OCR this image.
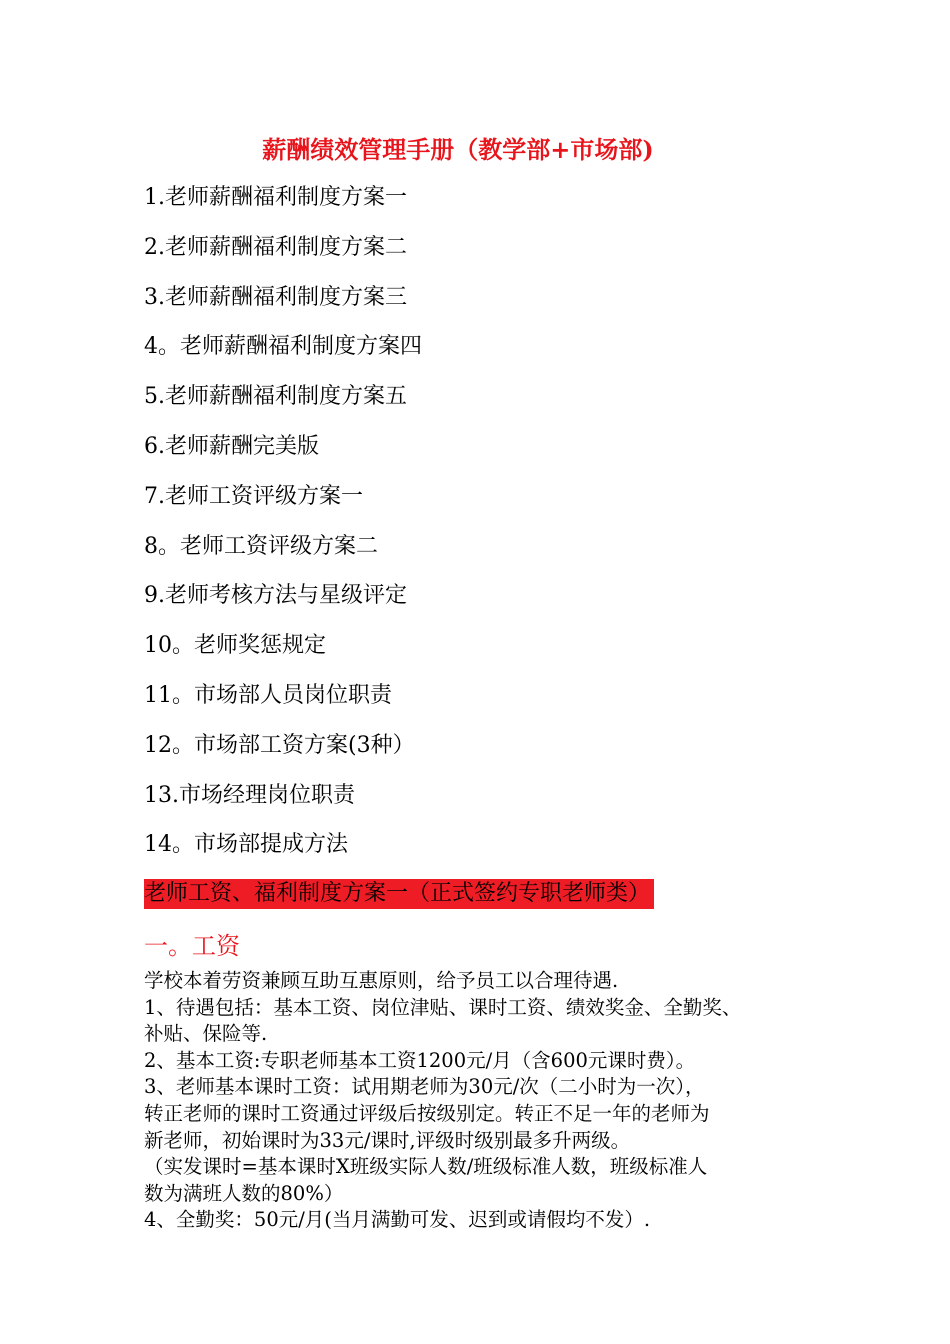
薪酬绩效管理手册（教学部+市场部)
1.老师薪酬福利制度方案一
2.老师薪酬福利制度方案二
3.老师薪酬福利制度方案三
4。老师薪酬福利制度方案四
5.老师薪酬福利制度方案五
6.老师薪酬完美版
7.老师工资评级方案一
8。老师工资评级方案二
9.老师考核方法与星级评定
10。老师奖惩规定
11。市场部人员岗位职责
12。市场部工资方案(3种）
13.市场经理岗位职责
14。市场部提成方法
老师工资、福利制度方案一（正式签约专职老师类）
一。工资
学校本着劳资兼顾互助互惠原则，给予员工以合理待遇.
1、待遇包括：基本工资、岗位津贴、课时工资、绩效奖金、全勤奖、
补贴、保险等.
2、基本工资:专职老师基本工资1200元/月（含600元课时费）。
3、老师基本课时工资：试用期老师为30元/次（二小时为一次），
转正老师的课时工资通过评级后按级别定。转正不足一年的老师为
新老师，初始课时为33元/课时,评级时级别最多升两级。
（实发课时=基本课时X班级实际人数/班级标准人数，班级标准人
数为满班人数的80%）
4、全勤奖：50元/月(当月满勤可发、迟到或请假均不发）.
